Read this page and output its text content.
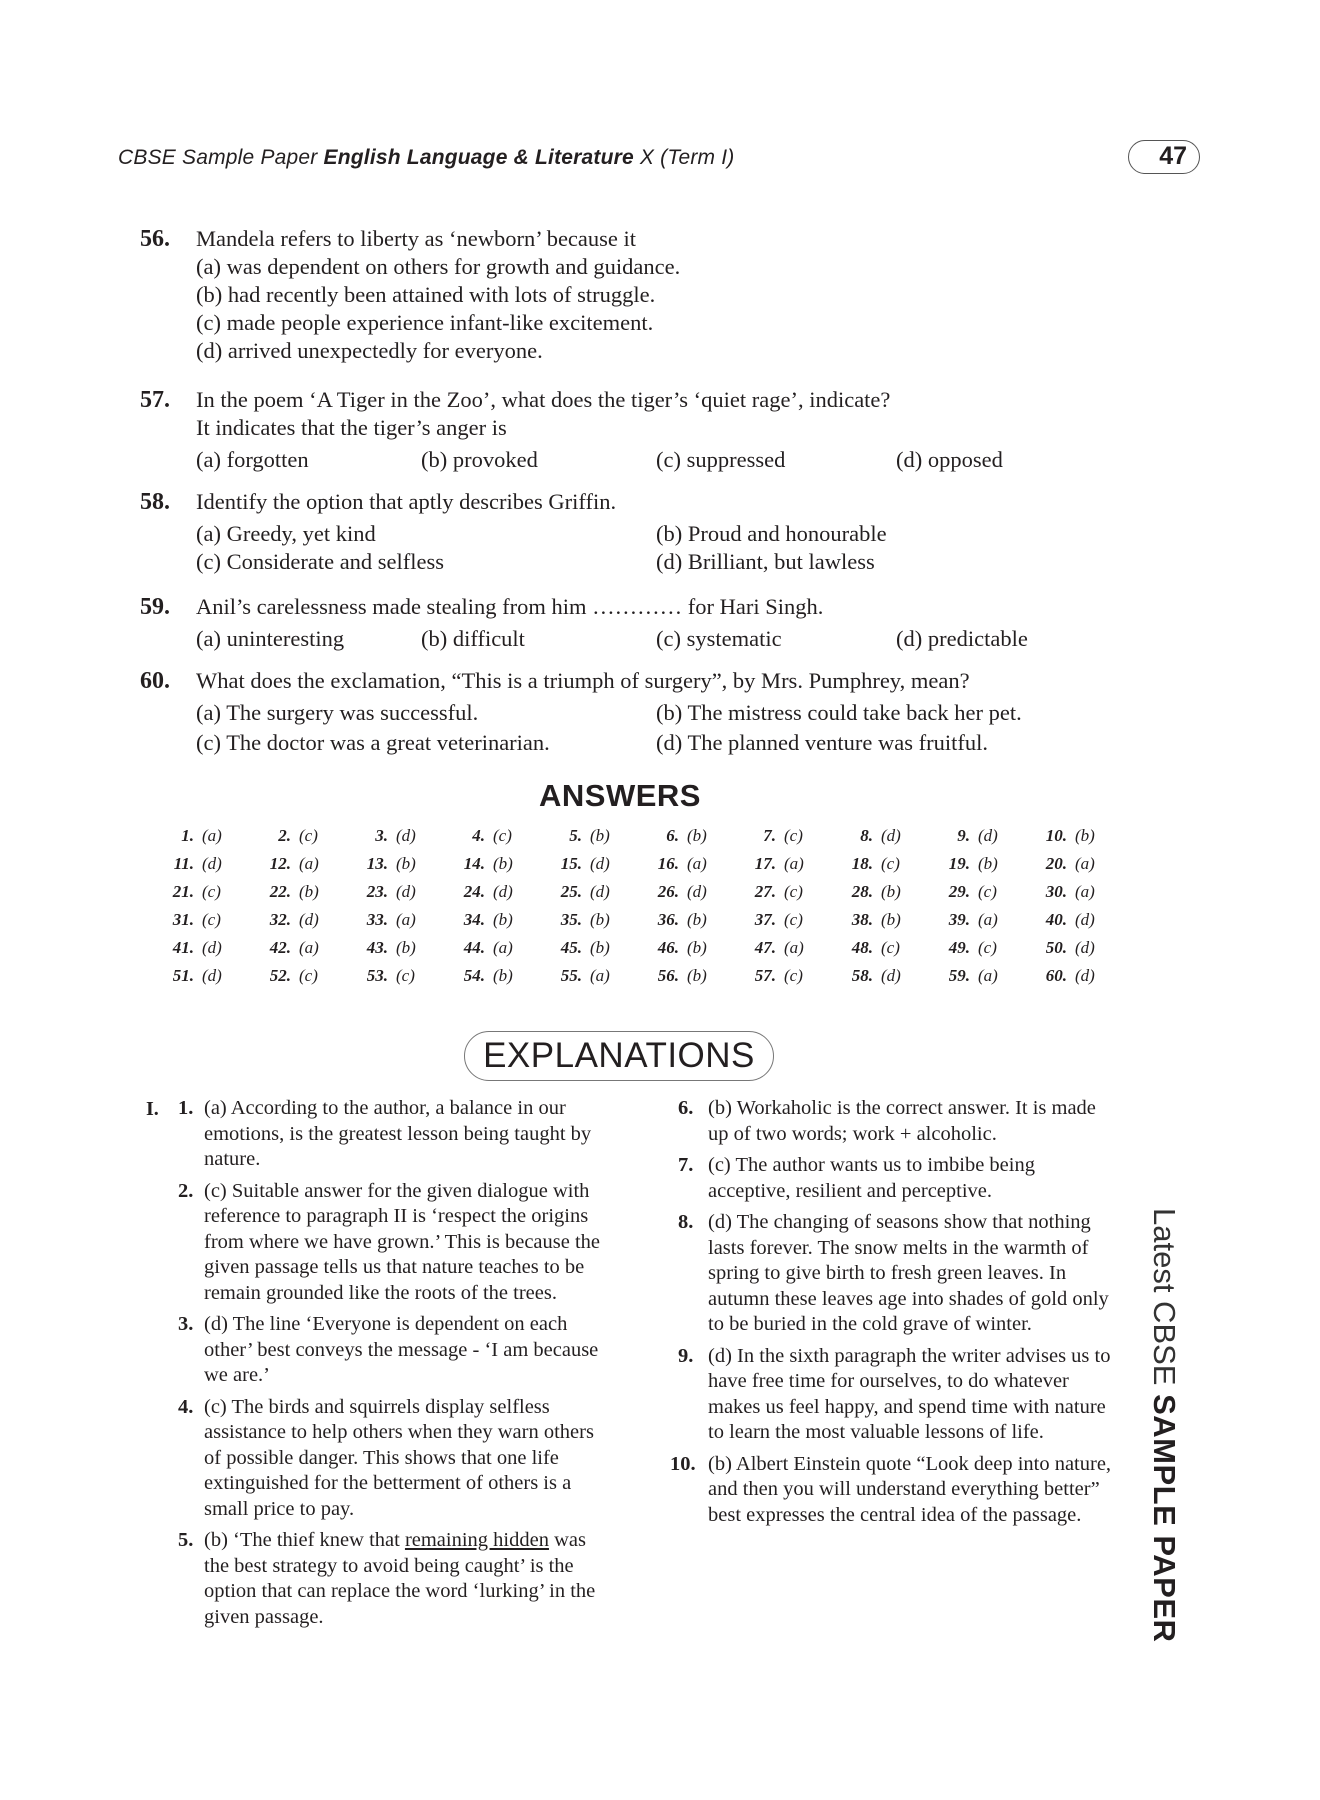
CBSE Sample Paper English Language & Literature X (Term I)	47
56. Mandela refers to liberty as ‘newborn’ because it
(a) was dependent on others for growth and guidance.
(b) had recently been attained with lots of struggle.
(c) made people experience infant-like excitement.
(d) arrived unexpectedly for everyone.
57. In the poem ‘A Tiger in the Zoo’, what does the tiger’s ‘quiet rage’, indicate?
It indicates that the tiger’s anger is
(a) forgotten	(b) provoked	(c) suppressed	(d) opposed
58. Identify the option that aptly describes Griffin.
(a) Greedy, yet kind	(b) Proud and honourable
(c) Considerate and selfless	(d) Brilliant, but lawless
59. Anil’s carelessness made stealing from him ………… for Hari Singh.
(a) uninteresting	(b) difficult	(c) systematic	(d) predictable
60. What does the exclamation, “This is a triumph of surgery”, by Mrs. Pumphrey, mean?
(a) The surgery was successful.	(b) The mistress could take back her pet.
(c) The doctor was a great veterinarian.	(d) The planned venture was fruitful.
ANSWERS
1. (a)	2. (c)	3. (d)	4. (c)	5. (b)	6. (b)	7. (c)	8. (d)	9. (d)	10. (b)
11. (d)	12. (a)	13. (b)	14. (b)	15. (d)	16. (a)	17. (a)	18. (c)	19. (b)	20. (a)
21. (c)	22. (b)	23. (d)	24. (d)	25. (d)	26. (d)	27. (c)	28. (b)	29. (c)	30. (a)
31. (c)	32. (d)	33. (a)	34. (b)	35. (b)	36. (b)	37. (c)	38. (b)	39. (a)	40. (d)
41. (d)	42. (a)	43. (b)	44. (a)	45. (b)	46. (b)	47. (a)	48. (c)	49. (c)	50. (d)
51. (d)	52. (c)	53. (c)	54. (b)	55. (a)	56. (b)	57. (c)	58. (d)	59. (a)	60. (d)
EXPLANATIONS
I. 1. (a) According to the author, a balance in our emotions, is the greatest lesson being taught by nature.
2. (c) Suitable answer for the given dialogue with reference to paragraph II is ‘respect the origins from where we have grown.’ This is because the given passage tells us that nature teaches to be remain grounded like the roots of the trees.
3. (d) The line ‘Everyone is dependent on each other’ best conveys the message - ‘I am because we are.’
4. (c) The birds and squirrels display selfless assistance to help others when they warn others of possible danger. This shows that one life extinguished for the betterment of others is a small price to pay.
5. (b) ‘The thief knew that remaining hidden was the best strategy to avoid being caught’ is the option that can replace the word ‘lurking’ in the given passage.
6. (b) Workaholic is the correct answer. It is made up of two words; work + alcoholic.
7. (c) The author wants us to imbibe being acceptive, resilient and perceptive.
8. (d) The changing of seasons show that nothing lasts forever. The snow melts in the warmth of spring to give birth to fresh green leaves. In autumn these leaves age into shades of gold only to be buried in the cold grave of winter.
9. (d) In the sixth paragraph the writer advises us to have free time for ourselves, to do whatever makes us feel happy, and spend time with nature to learn the most valuable lessons of life.
10. (b) Albert Einstein quote “Look deep into nature, and then you will understand everything better” best expresses the central idea of the passage.
Latest CBSE SAMPLE PAPER
